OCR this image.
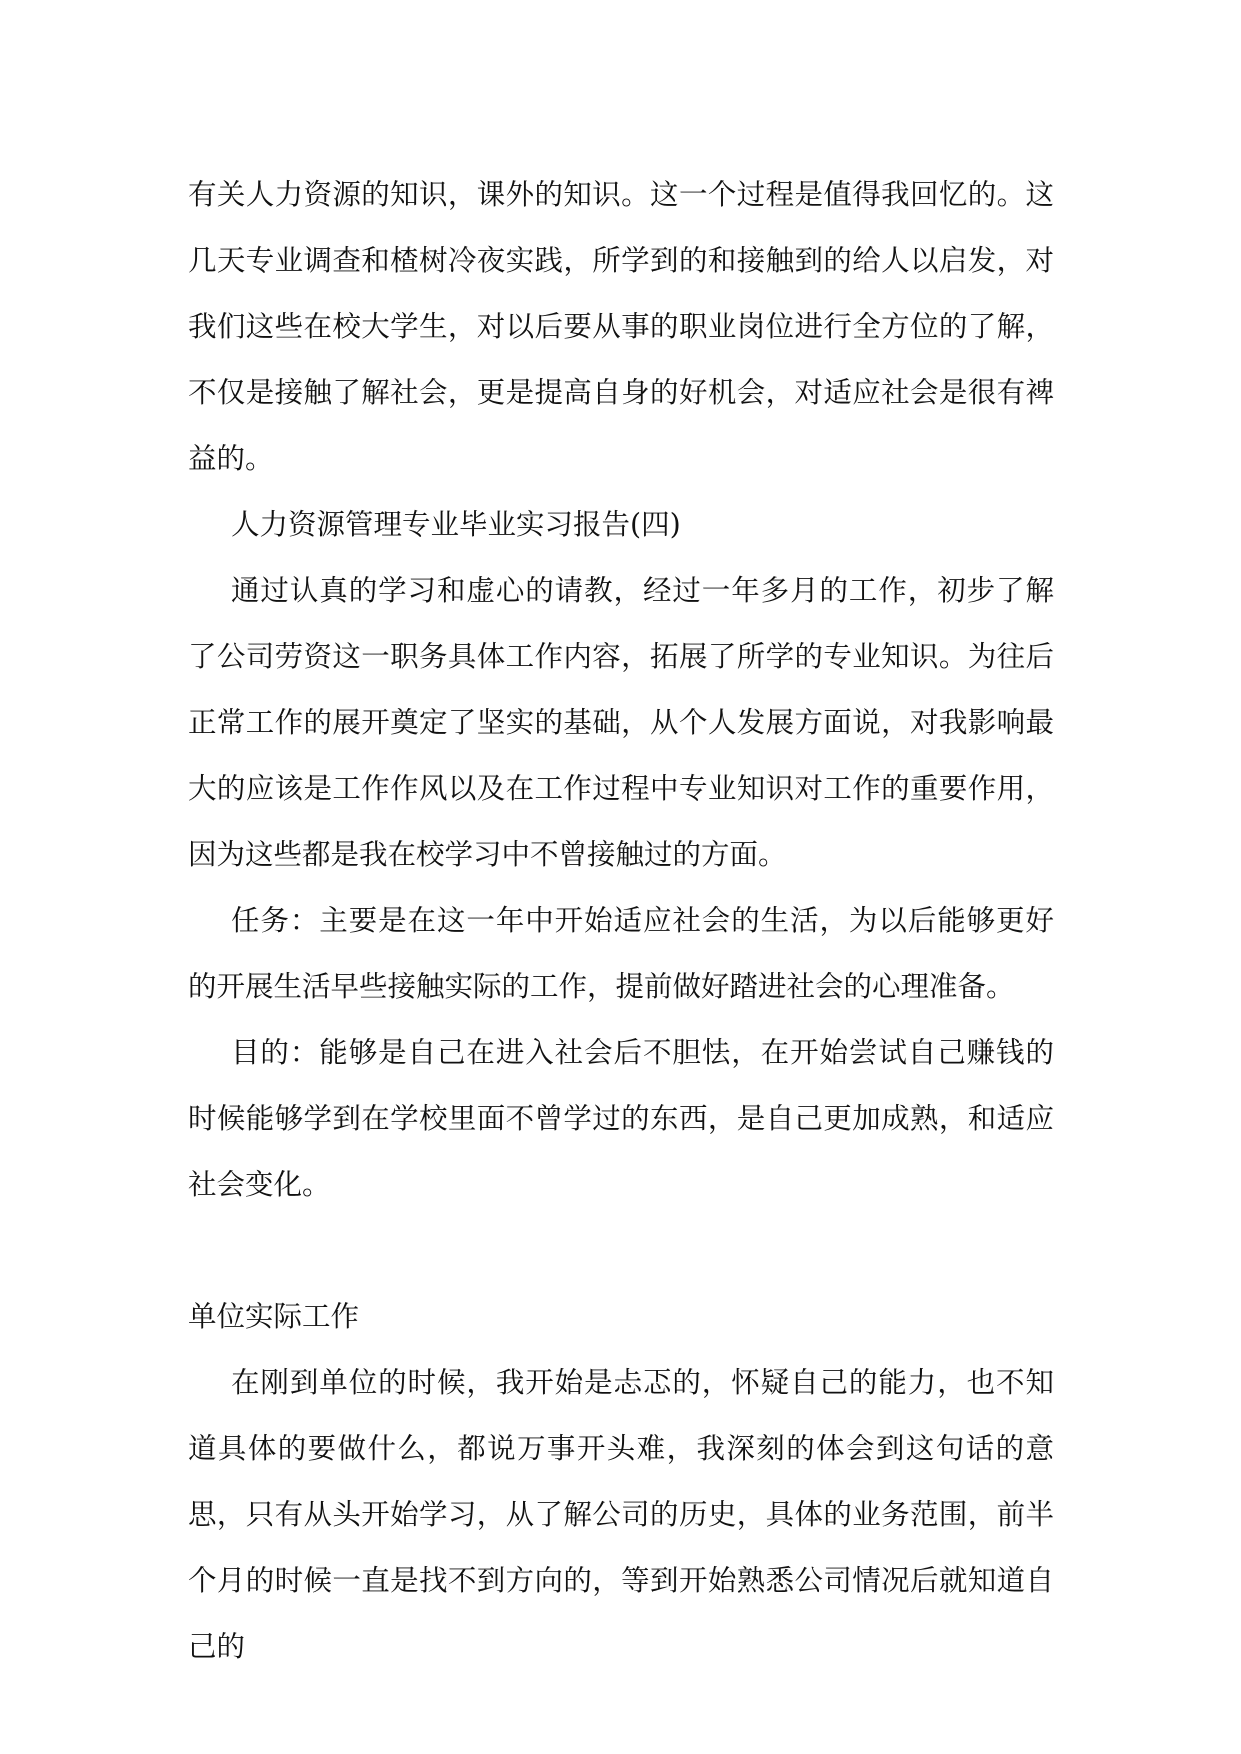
有关人力资源的知识，课外的知识。这一个过程是值得我回忆的。这几天专业调查和楂树冷夜实践，所学到的和接触到的给人以启发，对我们这些在校大学生，对以后要从事的职业岗位进行全方位的了解，不仅是接触了解社会，更是提高自身的好机会，对适应社会是很有裨益的。

人力资源管理专业毕业实习报告(四)

通过认真的学习和虚心的请教，经过一年多月的工作，初步了解了公司劳资这一职务具体工作内容，拓展了所学的专业知识。为往后正常工作的展开奠定了坚实的基础，从个人发展方面说，对我影响最大的应该是工作作风以及在工作过程中专业知识对工作的重要作用，因为这些都是我在校学习中不曾接触过的方面。

任务：主要是在这一年中开始适应社会的生活，为以后能够更好的开展生活早些接触实际的工作，提前做好踏进社会的心理准备。

目的：能够是自己在进入社会后不胆怯，在开始尝试自己赚钱的时候能够学到在学校里面不曾学过的东西，是自己更加成熟，和适应社会变化。

单位实际工作

在刚到单位的时候，我开始是忐忑的，怀疑自己的能力，也不知道具体的要做什么，都说万事开头难，我深刻的体会到这句话的意思，只有从头开始学习，从了解公司的历史，具体的业务范围，前半个月的时候一直是找不到方向的，等到开始熟悉公司情况后就知道自己的
